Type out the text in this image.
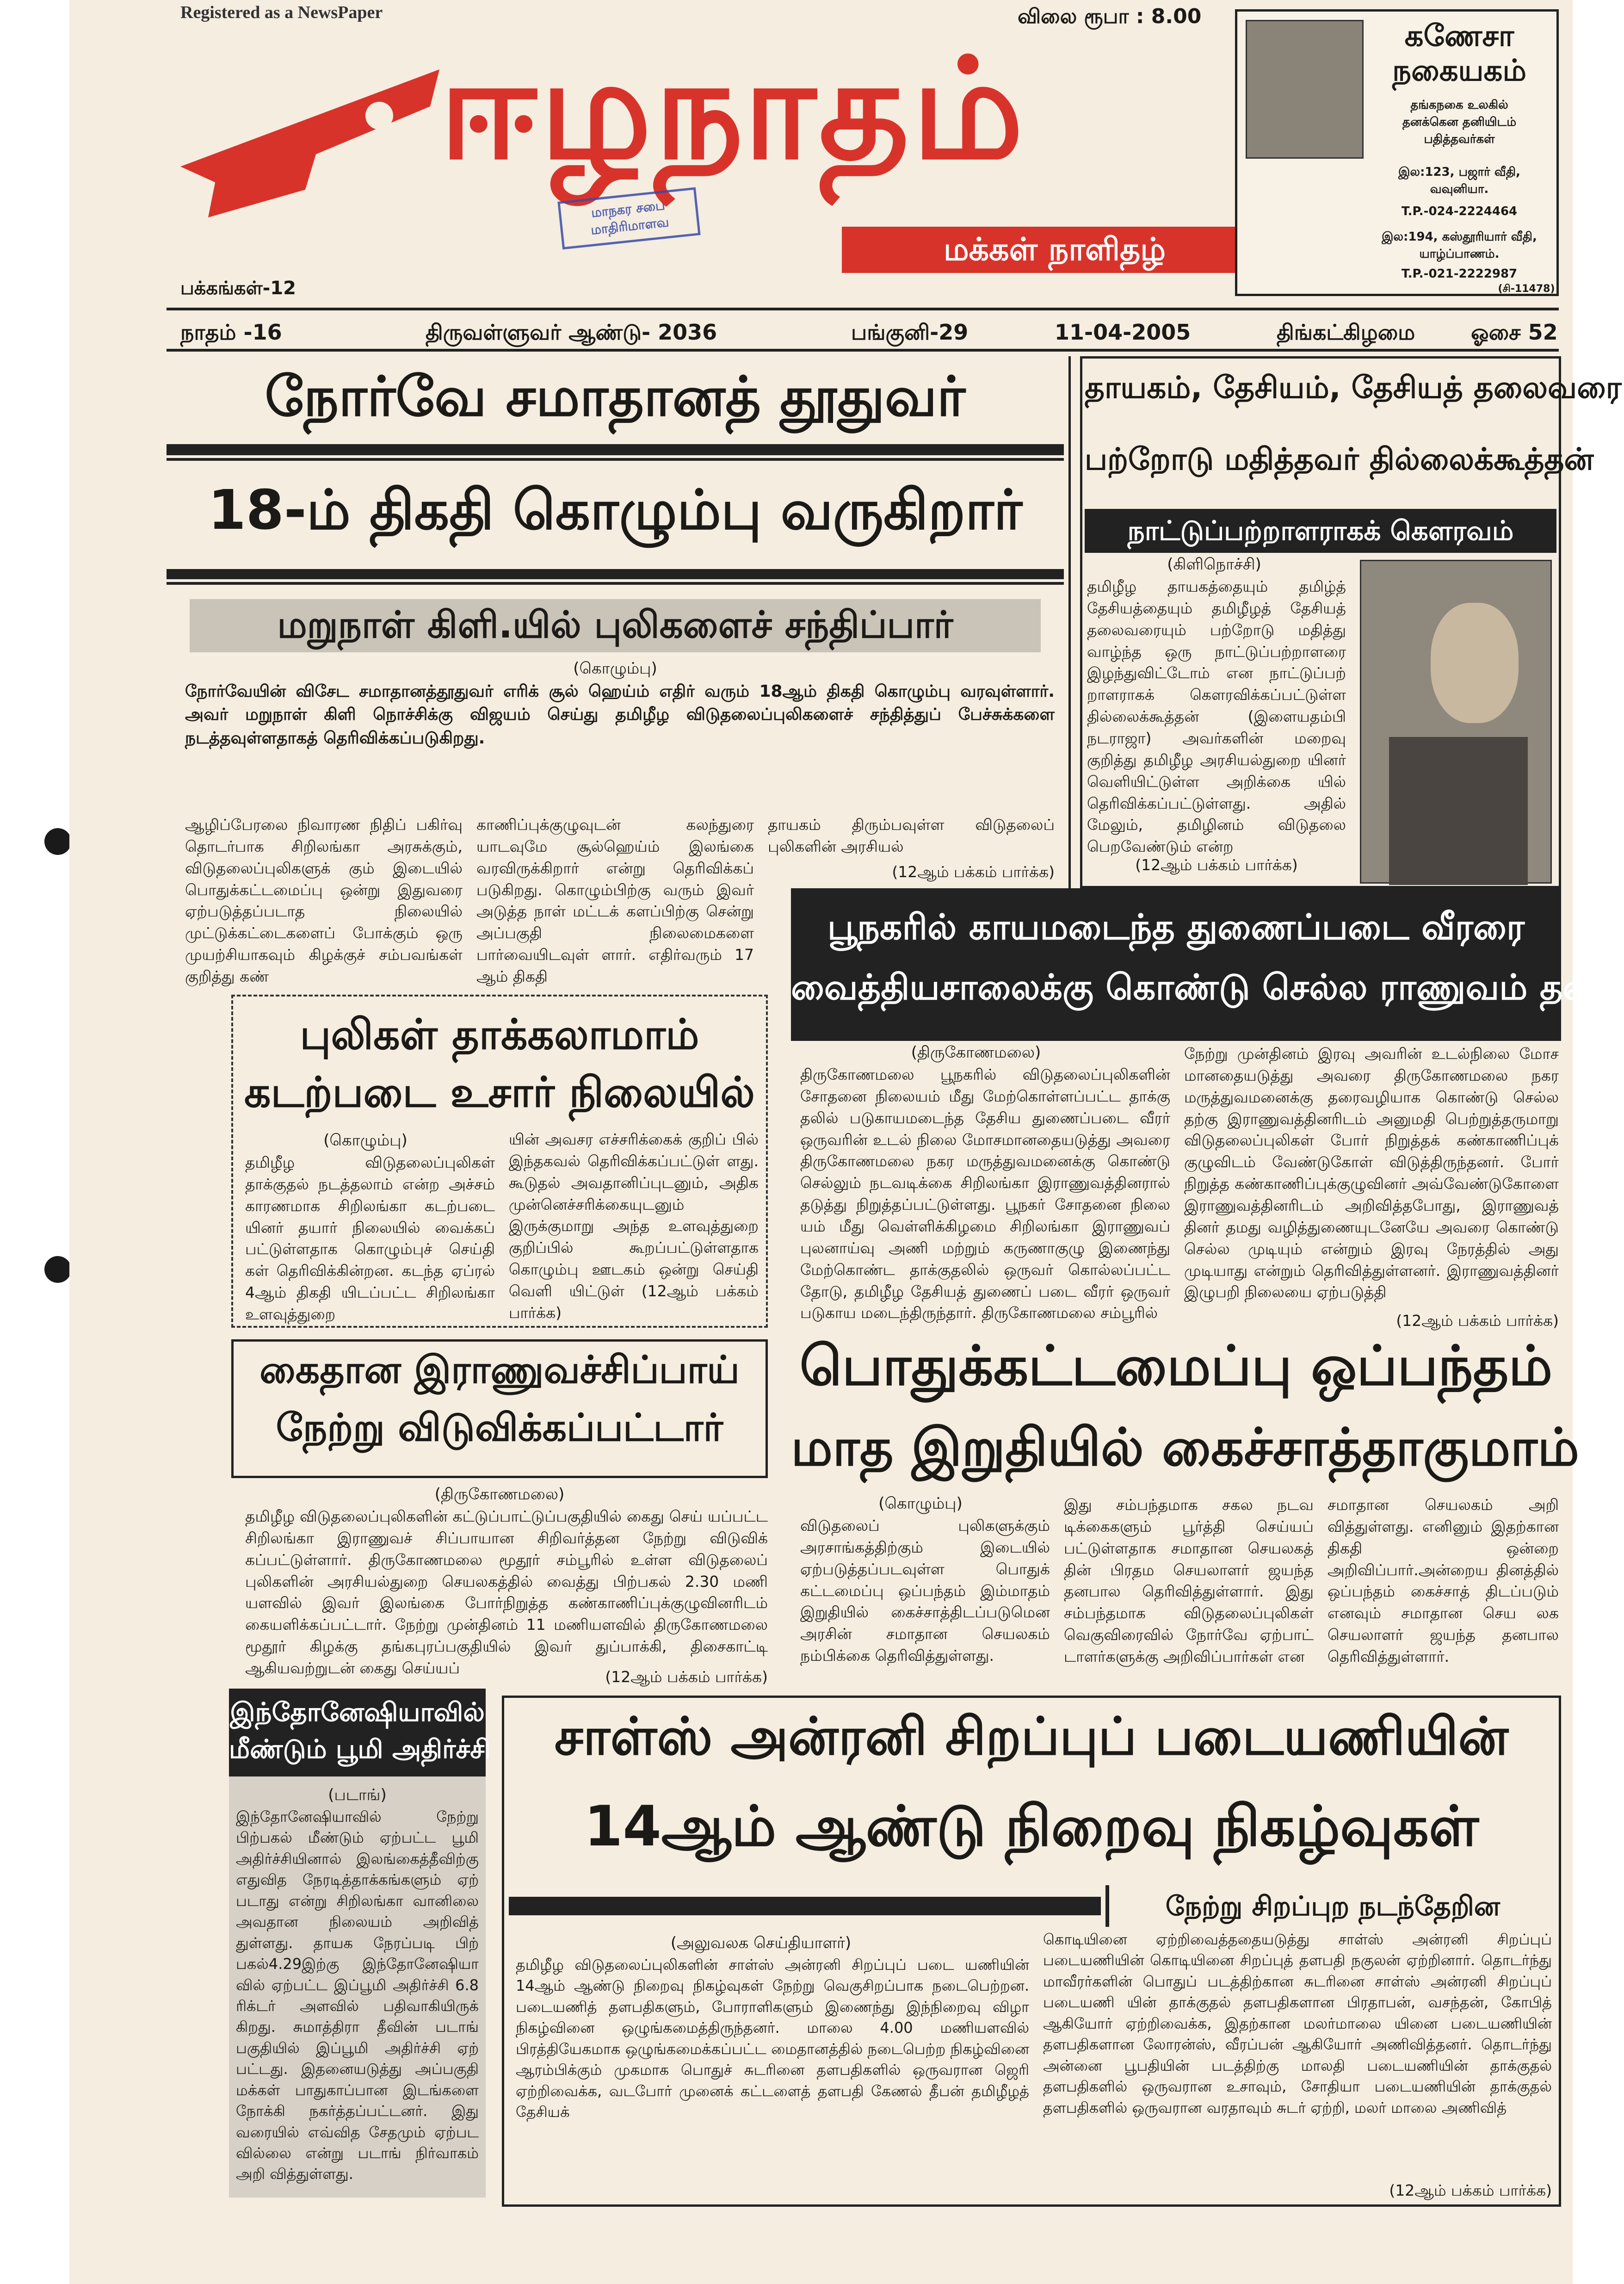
Registered as a NewsPaper	விலை ரூபா : 8.00
ஈழநாதம்
மக்கள் நாளிதழ்
மாநகர சபை மாதிரிமாளவ
பக்கங்கள்-12
கணேசா
நகையகம்
தங்கநகை உலகில்
தனக்கென தனியிடம்
பதித்தவர்கள்
இல:123, பஜார் வீதி,
வவுனியா.
T.P.-024-2224464
இல:194, கஸ்தூரியார் வீதி,
யாழ்ப்பாணம்.
T.P.-021-2222987
(சி-11478)
நாதம் -16	திருவள்ளுவர் ஆண்டு- 2036	பங்குனி-29	11-04-2005	திங்கட்கிழமை	ஓசை 52
நோர்வே சமாதானத் தூதுவர்
18-ம் திகதி கொழும்பு வருகிறார்
மறுநாள் கிளி.யில் புலிகளைச் சந்திப்பார்
(கொழும்பு)
நோர்வேயின் விசேட சமாதானத்தூதுவர் எரிக் சூல் ஹெய்ம் எதிர் வரும் 18ஆம் திகதி கொழும்பு வரவுள்ளார். அவர் மறுநாள் கிளி நொச்சிக்கு விஜயம் செய்து தமிழீழ விடுதலைப்புலிகளைச் சந்தித்துப் பேச்சுக்களை நடத்தவுள்ளதாகத் தெரிவிக்கப்படுகிறது.
ஆழிப்பேரலை நிவாரண நிதிப் பகிர்வு தொடர்பாக சிறிலங்கா அரசுக்கும், விடுதலைப்புலிகளுக் கும் இடையில் பொதுக்கட்டமைப்பு ஒன்று இதுவரை ஏற்படுத்தப்படாத நிலையில் முட்டுக்கட்டைகளைப் போக்கும் ஒரு முயற்சியாகவும் கிழக்குச் சம்பவங்கள் குறித்து கண்
காணிப்புக்குழுவுடன் கலந்துரை யாடவுமே சூல்ஹெய்ம் இலங்கை வரவிருக்கிறார் என்று தெரிவிக்கப் படுகிறது. கொழும்பிற்கு வரும் இவர் அடுத்த நாள் மட்டக் களப்பிற்கு சென்று அப்பகுதி நிலைமைகளை பார்வையிடவுள் ளார். எதிர்வரும் 17 ஆம் திகதி
தாயகம் திரும்பவுள்ள விடுதலைப் புலிகளின் அரசியல்
(12ஆம் பக்கம் பார்க்க)
தாயகம், தேசியம், தேசியத் தலைவரை
பற்றோடு மதித்தவர் தில்லைக்கூத்தன்
நாட்டுப்பற்றாளராகக் கௌரவம்
(கிளிநொச்சி)
தமிழீழ தாயகத்தையும் தமிழ்த் தேசியத்தையும் தமிழீழத் தேசியத் தலைவரையும் பற்றோடு மதித்து வாழ்ந்த ஒரு நாட்டுப்பற்றாளரை இழந்துவிட்டோம் என நாட்டுப்பற் றாளராகக் கௌரவிக்கப்பட்டுள்ள தில்லைக்கூத்தன் (இளையதம்பி நடராஜா) அவர்களின் மறைவு குறித்து தமிழீழ அரசியல்துறை யினர் வெளியிட்டுள்ள அறிக்கை யில் தெரிவிக்கப்பட்டுள்ளது. அதில் மேலும், தமிழினம் விடுதலை பெறவேண்டும் என்ற
(12ஆம் பக்கம் பார்க்க)
புலிகள் தாக்கலாமாம்
கடற்படை உசார் நிலையில்
(கொழும்பு)
தமிழீழ விடுதலைப்புலிகள் தாக்குதல் நடத்தலாம் என்ற அச்சம் காரணமாக சிறிலங்கா கடற்படை யினர் தயார் நிலையில் வைக்கப் பட்டுள்ளதாக கொழும்புச் செய்தி கள் தெரிவிக்கின்றன. கடந்த ஏப்ரல் 4ஆம் திகதி யிடப்பட்ட சிறிலங்கா உளவுத்துறை
யின் அவசர எச்சரிக்கைக் குறிப் பில் இந்தகவல் தெரிவிக்கப்பட்டுள் ளது. கூடுதல் அவதானிப்புடனும், அதிக முன்னெச்சரிக்கையுடனும் இருக்குமாறு அந்த உளவுத்துறை குறிப்பில் கூறப்பட்டுள்ளதாக கொழும்பு ஊடகம் ஒன்று செய்தி வெளி யிட்டுள் (12ஆம் பக்கம் பார்க்க)
பூநகரில் காயமடைந்த துணைப்படை வீரரை
வைத்தியசாலைக்கு கொண்டு செல்ல ராணுவம் தடை
(திருகோணமலை)
திருகோணமலை பூநகரில் விடுதலைப்புலிகளின் சோதனை நிலையம் மீது மேற்கொள்ளப்பட்ட தாக்கு தலில் படுகாயமடைந்த தேசிய துணைப்படை வீரர் ஒருவரின் உடல் நிலை மோசமானதையடுத்து அவரை திருகோணமலை நகர மருத்துவமனைக்கு கொண்டு செல்லும் நடவடிக்கை சிறிலங்கா இராணுவத்தினரால் தடுத்து நிறுத்தப்பட்டுள்ளது. பூநகர் சோதனை நிலை யம் மீது வெள்ளிக்கிழமை சிறிலங்கா இராணுவப் புலனாய்வு அணி மற்றும் கருணாகுழு இணைந்து மேற்கொண்ட தாக்குதலில் ஒருவர் கொல்லப்பட்ட தோடு, தமிழீழ தேசியத் துணைப் படை வீரர் ஒருவர் படுகாய மடைந்திருந்தார். திருகோணமலை சம்பூரில்
நேற்று முன்தினம் இரவு அவரின் உடல்நிலை மோச மானதையடுத்து அவரை திருகோணமலை நகர மருத்துவமனைக்கு தரைவழியாக கொண்டு செல்ல தற்கு இராணுவத்தினரிடம் அனுமதி பெற்றுத்தருமாறு விடுதலைப்புலிகள் போர் நிறுத்தக் கண்காணிப்புக் குழுவிடம் வேண்டுகோள் விடுத்திருந்தனர். போர் நிறுத்த கண்காணிப்புக்குழுவினர் அவ்வேண்டுகோளை இராணுவத்தினரிடம் அறிவித்தபோது, இராணுவத் தினர் தமது வழித்துணையுடனேயே அவரை கொண்டு செல்ல முடியும் என்றும் இரவு நேரத்தில் அது முடியாது என்றும் தெரிவித்துள்ளனர். இராணுவத்தினர் இழுபறி நிலையை ஏற்படுத்தி
(12ஆம் பக்கம் பார்க்க)
கைதான இராணுவச்சிப்பாய்
நேற்று விடுவிக்கப்பட்டார்
(திருகோணமலை)
தமிழீழ விடுதலைப்புலிகளின் கட்டுப்பாட்டுப்பகுதியில் கைது செய் யப்பட்ட சிறிலங்கா இராணுவச் சிப்பாயான சிறிவர்த்தன நேற்று விடுவிக் கப்பட்டுள்ளார். திருகோணமலை மூதூர் சம்பூரில் உள்ள விடுதலைப் புலிகளின் அரசியல்துறை செயலகத்தில் வைத்து பிற்பகல் 2.30 மணி யளவில் இவர் இலங்கை போர்நிறுத்த கண்காணிப்புக்குழுவினரிடம் கையளிக்கப்பட்டார். நேற்று முன்தினம் 11 மணியளவில் திருகோணமலை மூதூர் கிழக்கு தங்கபுரப்பகுதியில் இவர் துப்பாக்கி, திசைகாட்டி ஆகியவற்றுடன் கைது செய்யப்	(12ஆம் பக்கம் பார்க்க)
பொதுக்கட்டமைப்பு ஒப்பந்தம்
மாத இறுதியில் கைச்சாத்தாகுமாம்
(கொழும்பு)
விடுதலைப் புலிகளுக்கும் அரசாங்கத்திற்கும் இடையில் ஏற்படுத்தப்படவுள்ள பொதுக் கட்டமைப்பு ஒப்பந்தம் இம்மாதம் இறுதியில் கைச்சாத்திடப்படுமென அரசின் சமாதான செயலகம் நம்பிக்கை தெரிவித்துள்ளது.
இது சம்பந்தமாக சகல நடவ டிக்கைகளும் பூர்த்தி செய்யப் பட்டுள்ளதாக சமாதான செயலகத் தின் பிரதம செயலாளர் ஜயந்த தனபால தெரிவித்துள்ளார். இது சம்பந்தமாக விடுதலைப்புலிகள் வெகுவிரைவில் நோர்வே ஏற்பாட் டாளர்களுக்கு அறிவிப்பார்கள் என
சமாதான செயலகம் அறி வித்துள்ளது. எனினும் இதற்கான திகதி ஒன்றை அறிவிப்பார்.அன்றைய தினத்தில் ஒப்பந்தம் கைச்சாத் திடப்படும் எனவும் சமாதான செய லக செயலாளர் ஜயந்த தனபால தெரிவித்துள்ளார்.
இந்தோனேஷியாவில்
மீண்டும் பூமி அதிர்ச்சி
(படாங்)
இந்தோனேஷியாவில் நேற்று பிற்பகல் மீண்டும் ஏற்பட்ட பூமி அதிர்ச்சியினால் இலங்கைத்தீவிற்கு எதுவித நேரடித்தாக்கங்களும் ஏற் படாது என்று சிறிலங்கா வானிலை அவதான நிலையம் அறிவித் துள்ளது. தாயக நேரப்படி பிற் பகல்4.29இற்கு இந்தோனேஷியா வில் ஏற்பட்ட இப்பூமி அதிர்ச்சி 6.8 ரிக்டர் அளவில் பதிவாகியிருக் கிறது. சுமாத்திரா தீவின் படாங் பகுதியில் இப்பூமி அதிர்ச்சி ஏற் பட்டது. இதனையடுத்து அப்பகுதி மக்கள் பாதுகாப்பான இடங்களை நோக்கி நகர்த்தப்பட்டனர். இது வரையில் எவ்வித சேதமும் ஏற்பட வில்லை என்று படாங் நிர்வாகம் அறி வித்துள்ளது.
சாள்ஸ் அன்ரனி சிறப்புப் படையணியின்
14ஆம் ஆண்டு நிறைவு நிகழ்வுகள்
நேற்று சிறப்புற நடந்தேறின
(அலுவலக செய்தியாளர்)
தமிழீழ விடுதலைப்புலிகளின் சாள்ஸ் அன்ரனி சிறப்புப் படை யணியின் 14ஆம் ஆண்டு நிறைவு நிகழ்வுகள் நேற்று வெகுசிறப்பாக நடைபெற்றன. படையணித் தளபதிகளும், போராளிகளும் இணைந்து இந்நிறைவு விழா நிகழ்வினை ஒழுங்கமைத்திருந்தனர். மாலை 4.00 மணியளவில் பிரத்தியேகமாக ஒழுங்கமைக்கப்பட்ட மைதானத்தில் நடைபெற்ற நிகழ்வினை ஆரம்பிக்கும் முகமாக பொதுச் சுடரினை தளபதிகளில் ஒருவரான ஜெரி ஏற்றிவைக்க, வடபோர் முனைக் கட்டளைத் தளபதி கேணல் தீபன் தமிழீழத் தேசியக்
கொடியினை ஏற்றிவைத்ததையடுத்து சாள்ஸ் அன்ரனி சிறப்புப் படையணியின் கொடியினை சிறப்புத் தளபதி நகுலன் ஏற்றினார். தொடர்ந்து மாவீரர்களின் பொதுப் படத்திற்கான சுடரினை சாள்ஸ் அன்ரனி சிறப்புப் படையணி யின் தாக்குதல் தளபதிகளான பிரதாபன், வசந்தன், கோபித் ஆகியோர் ஏற்றிவைக்க, இதற்கான மலர்மாலை யினை படையணியின் தளபதிகளான லோரன்ஸ், வீரப்பன் ஆகியோர் அணிவித்தனர். தொடர்ந்து அன்னை பூபதியின் படத்திற்கு மாலதி படையணியின் தாக்குதல் தளபதிகளில் ஒருவரான உசாவும், சோதியா படையணியின் தாக்குதல் தளபதிகளில் ஒருவரான வரதாவும் சுடர் ஏற்றி, மலர் மாலை அணிவித்
(12ஆம் பக்கம் பார்க்க)
